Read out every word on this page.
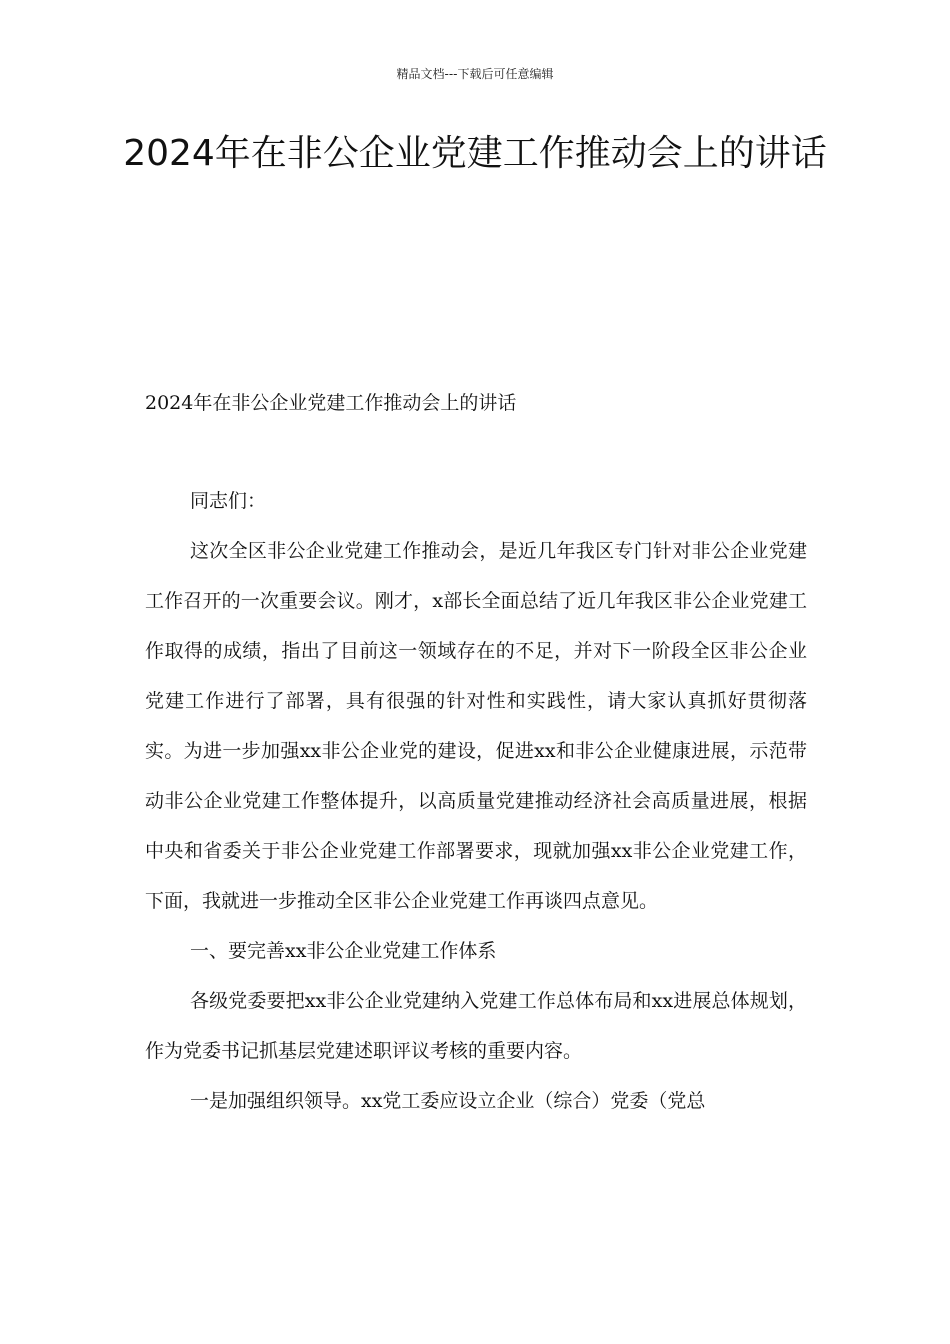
精品文档---下载后可任意编辑
2024年在非公企业党建工作推动会上的讲话

2024年在非公企业党建工作推动会上的讲话

同志们：

这次全区非公企业党建工作推动会，是近几年我区专门针对非公企业党建工作召开的一次重要会议。刚才，x部长全面总结了近几年我区非公企业党建工作取得的成绩，指出了目前这一领域存在的不足，并对下一阶段全区非公企业党建工作进行了部署，具有很强的针对性和实践性，请大家认真抓好贯彻落实。为进一步加强xx非公企业党的建设，促进xx和非公企业健康进展，示范带动非公企业党建工作整体提升，以高质量党建推动经济社会高质量进展，根据中央和省委关于非公企业党建工作部署要求，现就加强xx非公企业党建工作，下面，我就进一步推动全区非公企业党建工作再谈四点意见。

一、要完善xx非公企业党建工作体系

各级党委要把xx非公企业党建纳入党建工作总体布局和xx进展总体规划，作为党委书记抓基层党建述职评议考核的重要内容。

一是加强组织领导。xx党工委应设立企业（综合）党委（党总
